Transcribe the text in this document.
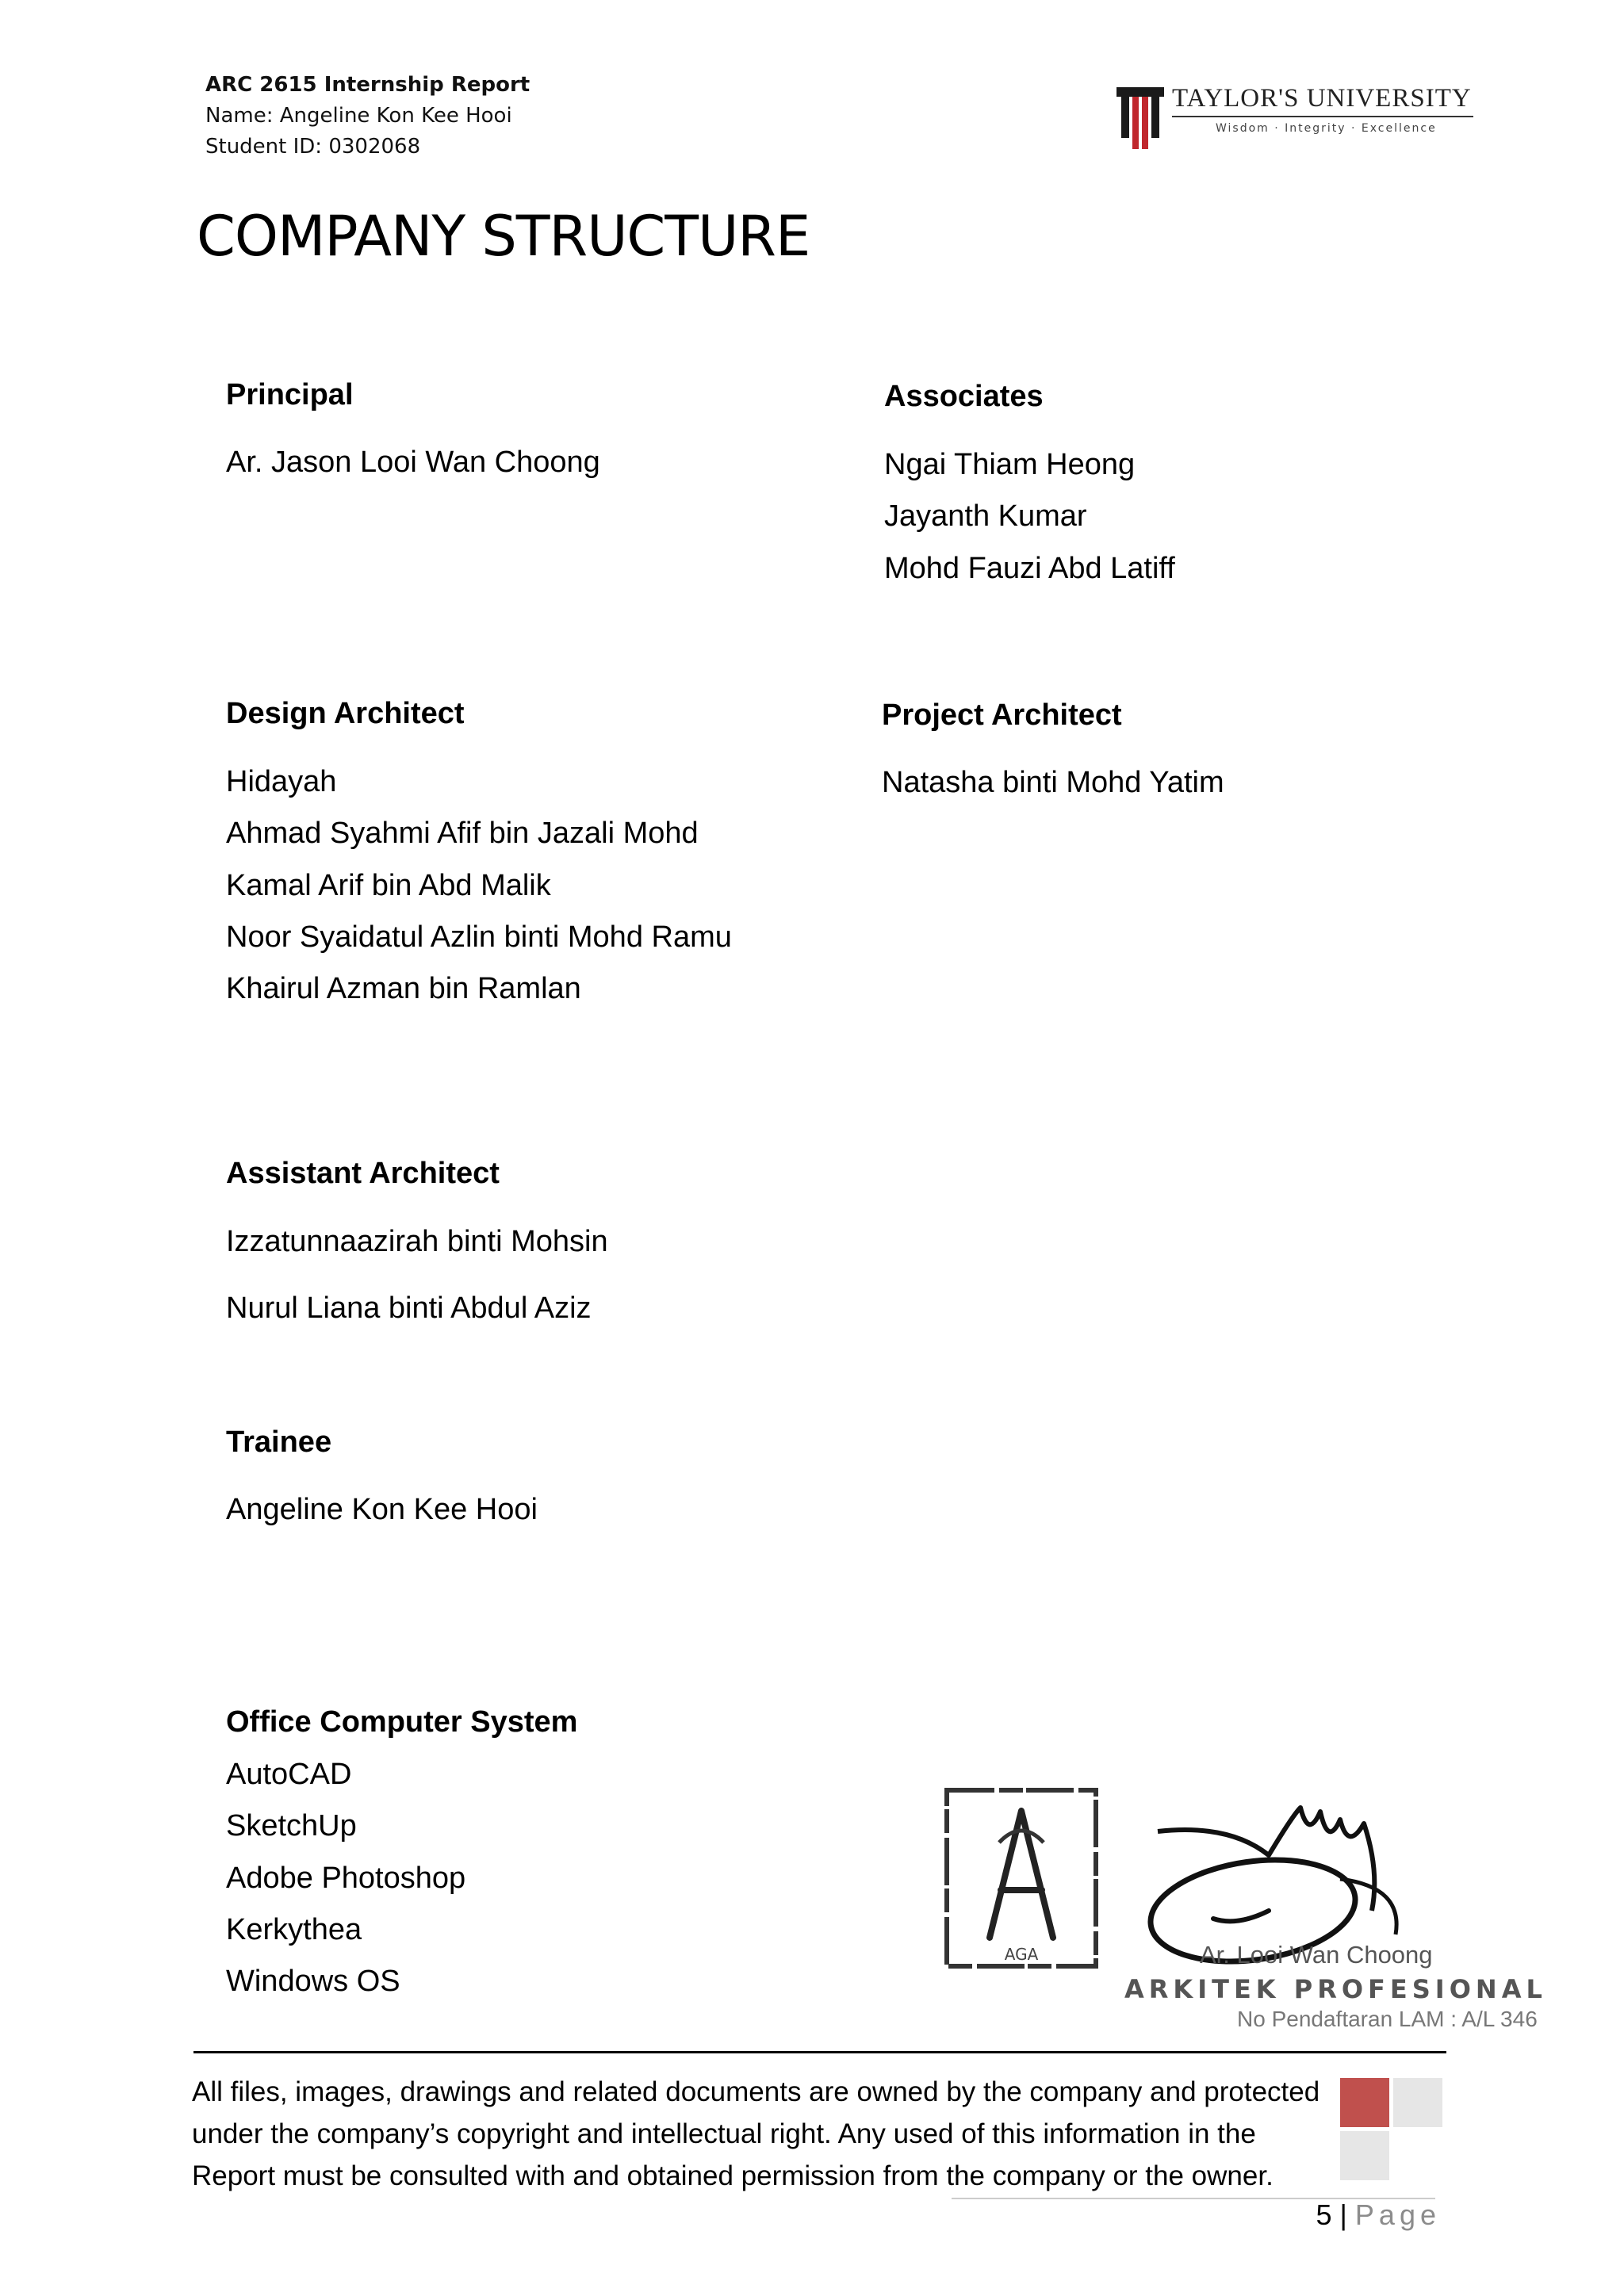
ARC 2615 Internship Report
Name: Angeline Kon Kee Hooi
Student ID: 0302068
TAYLOR'S UNIVERSITY
Wisdom · Integrity · Excellence
COMPANY STRUCTURE
Principal
Ar. Jason Looi Wan Choong
Associates
Ngai Thiam Heong
Jayanth Kumar
Mohd Fauzi Abd Latiff
Design Architect
Hidayah
Ahmad Syahmi Afif bin Jazali Mohd
Kamal Arif bin Abd Malik
Noor Syaidatul Azlin binti Mohd Ramu
Khairul Azman bin Ramlan
Project Architect
Natasha binti Mohd Yatim
Assistant Architect
Izzatunnaazirah binti Mohsin
Nurul Liana binti Abdul Aziz
Trainee
Angeline Kon Kee Hooi
Office Computer System
AutoCAD
SketchUp
Adobe Photoshop
Kerkythea
Windows OS
AGA	Ar. Looi Wan Choong
ARKITEK PROFESIONAL
No Pendaftaran LAM : A/L 346
All files, images, drawings and related documents are owned by the company and protected under the company’s copyright and intellectual right. Any used of this information in the Report must be consulted with and obtained permission from the company or the owner.
5 | Page
